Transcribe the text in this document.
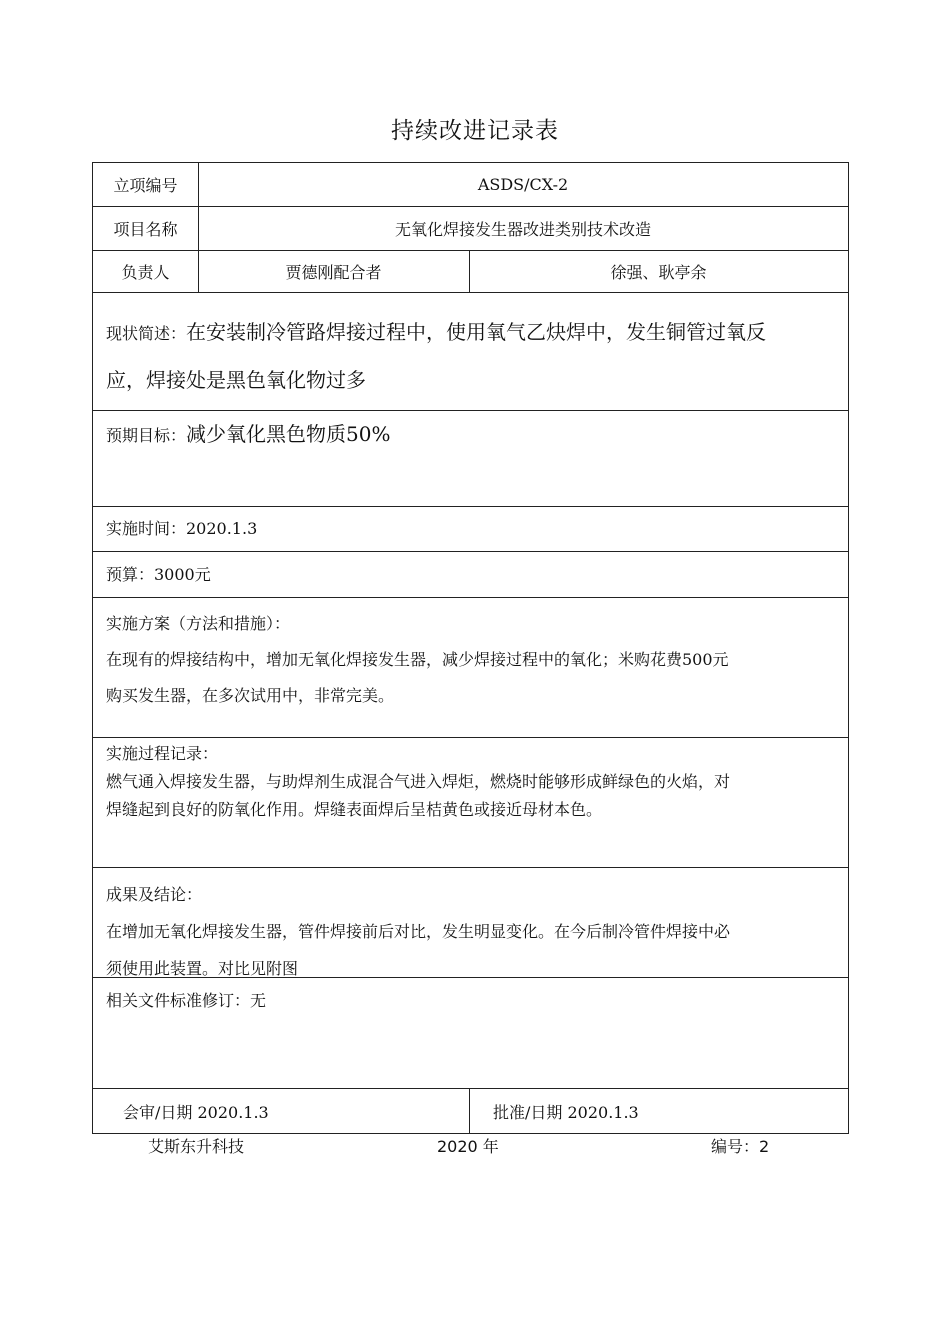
持续改进记录表
立项编号	ASDS/CX-2
项目名称	无氧化焊接发生器改进类别技术改造
负责人	贾德刚配合者	徐强、耿亭余
现状简述：在安装制冷管路焊接过程中，使用氧气乙炔焊中，发生铜管过氧反
应，焊接处是黑色氧化物过多
预期目标：减少氧化黑色物质50%
实施时间：2020.1.3
预算：3000元
实施方案（方法和措施）：
在现有的焊接结构中，增加无氧化焊接发生器，减少焊接过程中的氧化；米购花费500元
购买发生器，在多次试用中，非常完美。
实施过程记录：
燃气通入焊接发生器，与助焊剂生成混合气进入焊炬，燃烧时能够形成鲜绿色的火焰，对
焊缝起到良好的防氧化作用。焊缝表面焊后呈桔黄色或接近母材本色。
成果及结论：
在增加无氧化焊接发生器，管件焊接前后对比，发生明显变化。在今后制冷管件焊接中必
须使用此装置。对比见附图
相关文件标准修订：无
会审/日期 2020.1.3	批准/日期 2020.1.3
艾斯东升科技	2020 年	编号：2
